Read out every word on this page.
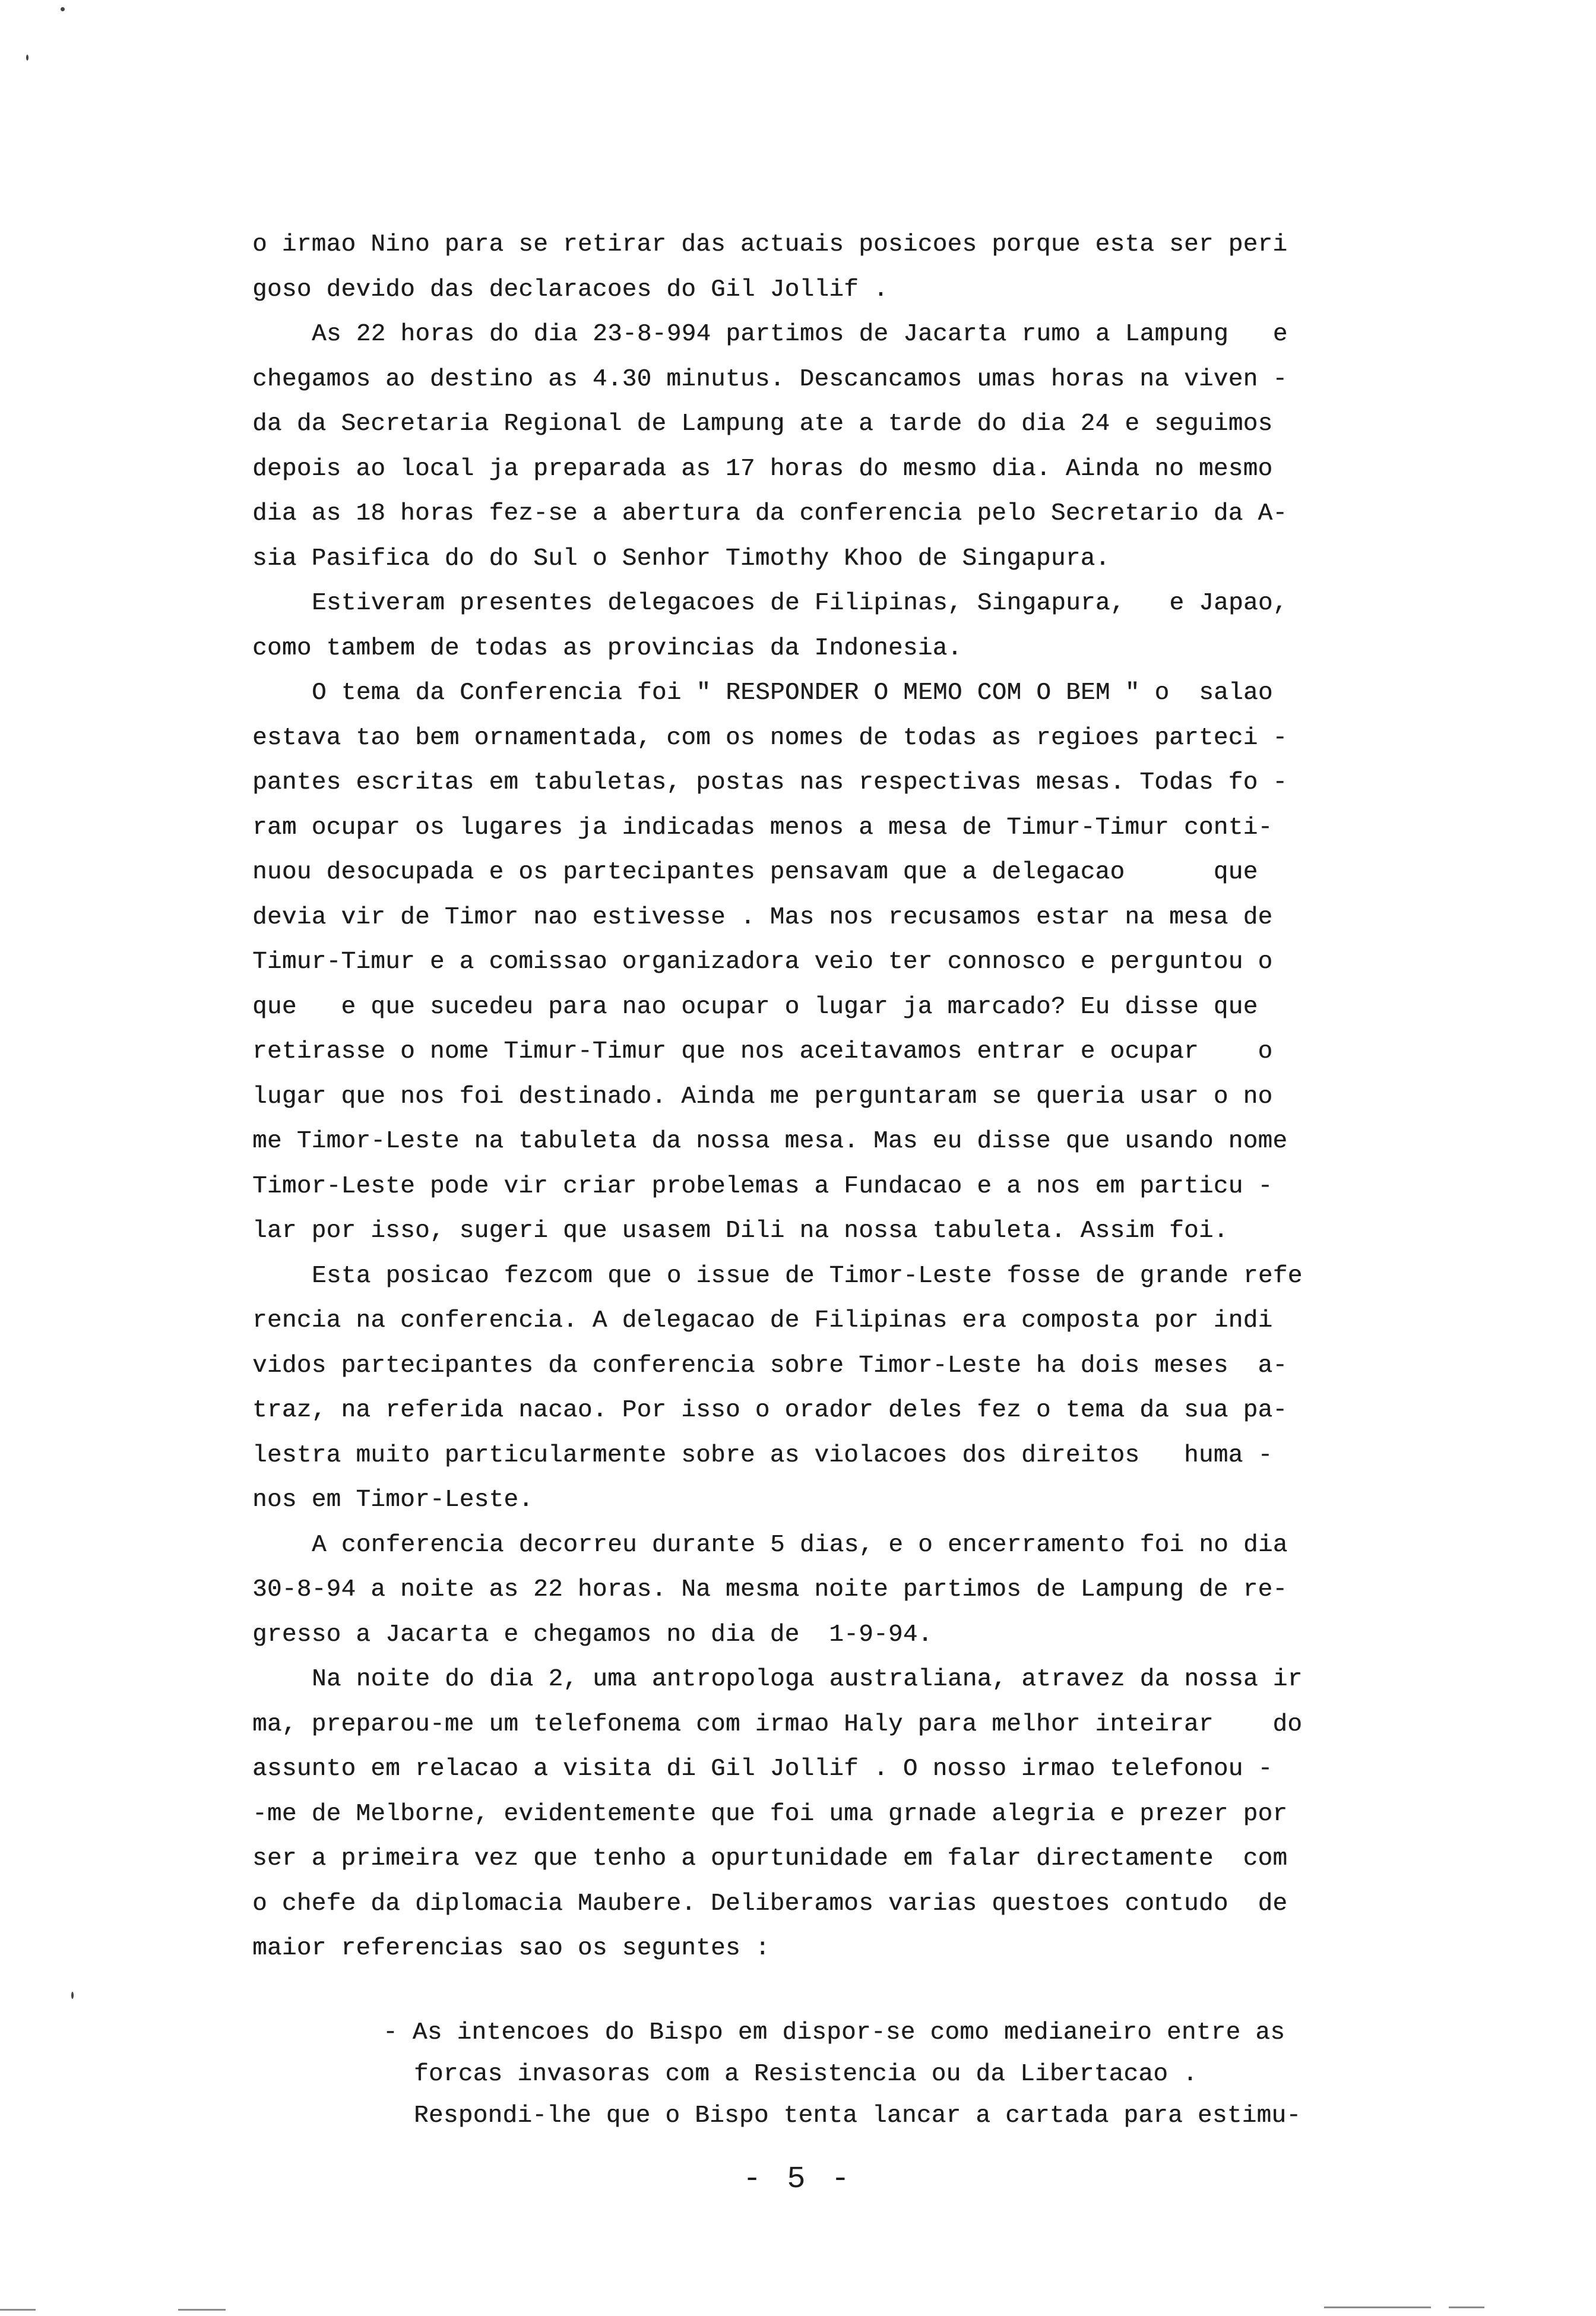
o irmao Nino para se retirar das actuais posicoes porque esta ser peri
goso devido das declaracoes do Gil Jollif .
As 22 horas do dia 23-8-994 partimos de Jacarta rumo a Lampung   e
chegamos ao destino as 4.30 minutus. Descancamos umas horas na viven -
da da Secretaria Regional de Lampung ate a tarde do dia 24 e seguimos
depois ao local ja preparada as 17 horas do mesmo dia. Ainda no mesmo
dia as 18 horas fez-se a abertura da conferencia pelo Secretario da A-
sia Pasifica do do Sul o Senhor Timothy Khoo de Singapura.
Estiveram presentes delegacoes de Filipinas, Singapura,   e Japao,
como tambem de todas as provincias da Indonesia.
O tema da Conferencia foi " RESPONDER O MEMO COM O BEM " o  salao
estava tao bem ornamentada, com os nomes de todas as regioes parteci -
pantes escritas em tabuletas, postas nas respectivas mesas. Todas fo -
ram ocupar os lugares ja indicadas menos a mesa de Timur-Timur conti-
nuou desocupada e os partecipantes pensavam que a delegacao      que
devia vir de Timor nao estivesse . Mas nos recusamos estar na mesa de
Timur-Timur e a comissao organizadora veio ter connosco e perguntou o
que   e que sucedeu para nao ocupar o lugar ja marcado? Eu disse que
retirasse o nome Timur-Timur que nos aceitavamos entrar e ocupar    o
lugar que nos foi destinado. Ainda me perguntaram se queria usar o no
me Timor-Leste na tabuleta da nossa mesa. Mas eu disse que usando nome
Timor-Leste pode vir criar probelemas a Fundacao e a nos em particu -
lar por isso, sugeri que usasem Dili na nossa tabuleta. Assim foi.
Esta posicao fezcom que o issue de Timor-Leste fosse de grande refe
rencia na conferencia. A delegacao de Filipinas era composta por indi
vidos partecipantes da conferencia sobre Timor-Leste ha dois meses  a-
traz, na referida nacao. Por isso o orador deles fez o tema da sua pa-
lestra muito particularmente sobre as violacoes dos direitos   huma -
nos em Timor-Leste.
A conferencia decorreu durante 5 dias, e o encerramento foi no dia
30-8-94 a noite as 22 horas. Na mesma noite partimos de Lampung de re-
gresso a Jacarta e chegamos no dia de  1-9-94.
Na noite do dia 2, uma antropologa australiana, atravez da nossa ir
ma, preparou-me um telefonema com irmao Haly para melhor inteirar    do
assunto em relacao a visita di Gil Jollif . O nosso irmao telefonou -
-me de Melborne, evidentemente que foi uma grnade alegria e prezer por
ser a primeira vez que tenho a opurtunidade em falar directamente  com
o chefe da diplomacia Maubere. Deliberamos varias questoes contudo  de
maior referencias sao os seguntes :
- As intencoes do Bispo em dispor-se como medianeiro entre as
forcas invasoras com a Resistencia ou da Libertacao .
Respondi-lhe que o Bispo tenta lancar a cartada para estimu-
- 5 -
